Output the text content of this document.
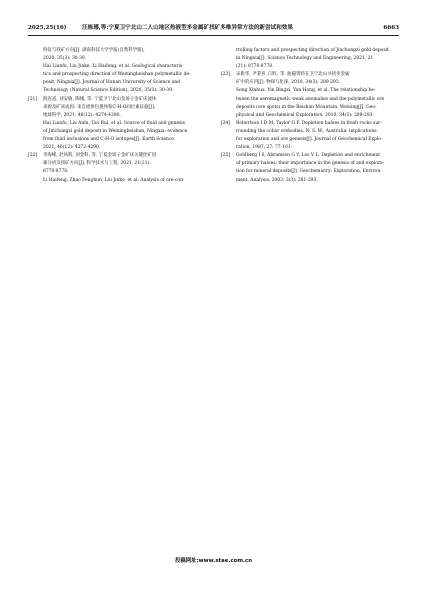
2025,25(16)	汪栋琊,等:宁夏卫宁北山二人山地区热液型多金属矿找矿多维异常方法的新尝试和效果	6663
特征与找矿方向[J]. 湖南科技大学学报(自然科学版),
2020, 35(3): 30-39.
Hai Lianfu, Liu Jinke, Li Haifeng, et al. Geological characteris-
tics and prospecting direction of Weiningbeishan polymetallic de-
posit, Ningxia[J]. Journal of Hunan University of Science and
Technology (Natural Science Edition), 2020, 35(3): 30-39.
[21] 海连富, 刘安敏, 陶城, 等. 宁夏卫宁北山金场子金矿床流体
来源及矿床成因: 来自流体包裹体和C-H-O同位素证据[J].
地球科学, 2021, 46(12): 4274-4290.
Hai Lianfu, Liu Anlu, Tao Rui, et al. Source of fluid and genesis
of Jinchangzi gold deposit in Weiningbeishan, Ningxia: evidence
from fluid inclusions and C-H-O isotopes[J]. Earth Science,
2021, 46(12): 4272-4290.
[22] 李海峰, 赵风辉, 刘金科, 等. 宁夏金场子金矿床关键控矿因
素分析及找矿方向[J]. 科学技术与工程, 2021, 21(21):
8770-8778.
Li Haifeng, Zhao Fenghun, Liu Jinke, et al. Analysis of ore-con-
trolling factors and prospecting direction of Jinchangzi gold deposit
in Ningxia[J]. Science Technology and Engineering, 2021, 21
(21): 8770-8778.
[23] 宋新华, 尹秉喜, 闫红, 等. 航磁资料在卫宁北山寻找多金属
矿中的应用[J]. 物探与化探, 2010, 34(3): 289-293.
Song Xinhua, Yin Bingxi, Yan Hong, et al. The relationship be-
tween the aeromagnetic weak anomalies and the polymetallic ore
deposits (ore spots) in the Beishan Mountain, Weining[J]. Geo-
physical and Geochemical Exploration, 2010, 34(3): 289-293.
[24] Robertson I D M, Taylor G F. Depletion haloes in fresh rocks sur-
rounding the cobar orebodies, N. S. W., Australia: implications
for exploration and ore genesis[J]. Journal of Geochemical Explo-
ration, 1987, 27: 77-101.
[25] Goldberg I S, Abramson G Y, Los V L. Depletion and enrichment
of primary haloes: their importance in the genesis of and explora-
tion for mineral deposits[J]. Geochemistry: Exploration, Environ-
ment, Analysis, 2003, 3(3): 281-293.
投稿网址:www.stae.com.cn
